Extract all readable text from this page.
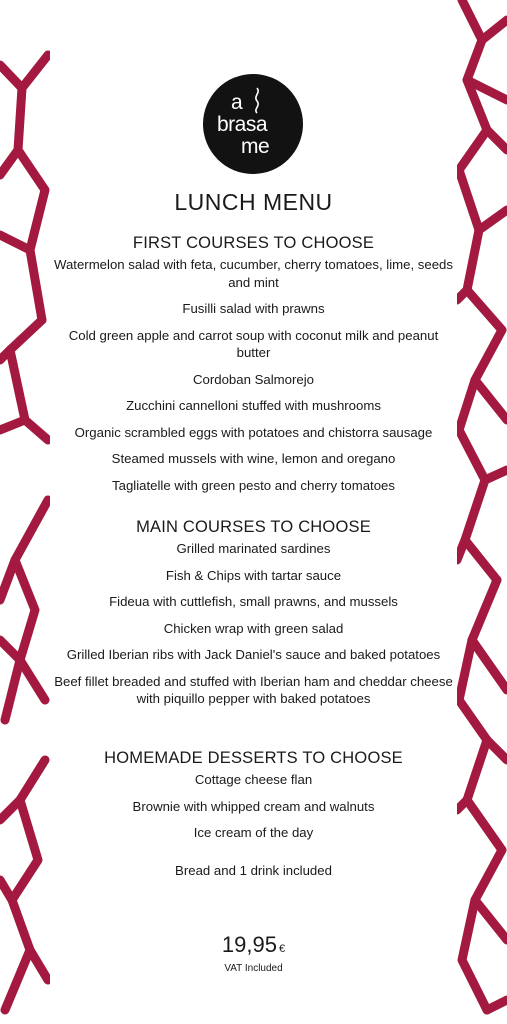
a
brasa
me
LUNCH MENU
FIRST COURSES TO CHOOSE

Watermelon salad with feta, cucumber, cherry tomatoes, lime, seeds and mint

Fusilli salad with prawns

Cold green apple and carrot soup with coconut milk and peanut butter

Cordoban Salmorejo

Zucchini cannelloni stuffed with mushrooms

Organic scrambled eggs with potatoes and chistorra sausage

Steamed mussels with wine, lemon and oregano

Tagliatelle with green pesto and cherry tomatoes

MAIN COURSES TO CHOOSE

Grilled marinated sardines

Fish & Chips with tartar sauce

Fideua with cuttlefish, small prawns, and mussels

Chicken wrap with green salad

Grilled Iberian ribs with Jack Daniel's sauce and baked potatoes

Beef fillet breaded and stuffed with Iberian ham and cheddar cheese with piquillo pepper with baked potatoes

HOMEMADE DESSERTS TO CHOOSE

Cottage cheese flan

Brownie with whipped cream and walnuts

Ice cream of the day

Bread and 1 drink included
19,95 €
VAT Included
